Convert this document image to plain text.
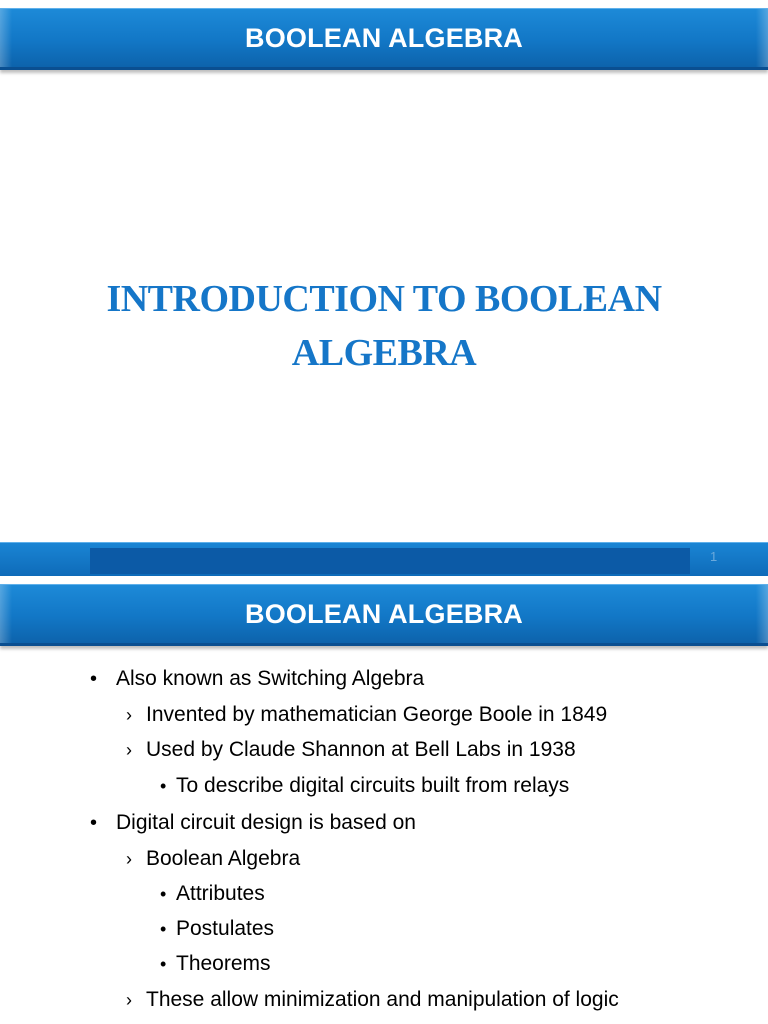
BOOLEAN ALGEBRA
INTRODUCTION TO BOOLEAN
ALGEBRA
1
BOOLEAN ALGEBRA
• Also known as Switching Algebra
› Invented by mathematician George Boole in 1849
› Used by Claude Shannon at Bell Labs in 1938
• To describe digital circuits built from relays
• Digital circuit design is based on
› Boolean Algebra
• Attributes
• Postulates
• Theorems
› These allow minimization and manipulation of logic
